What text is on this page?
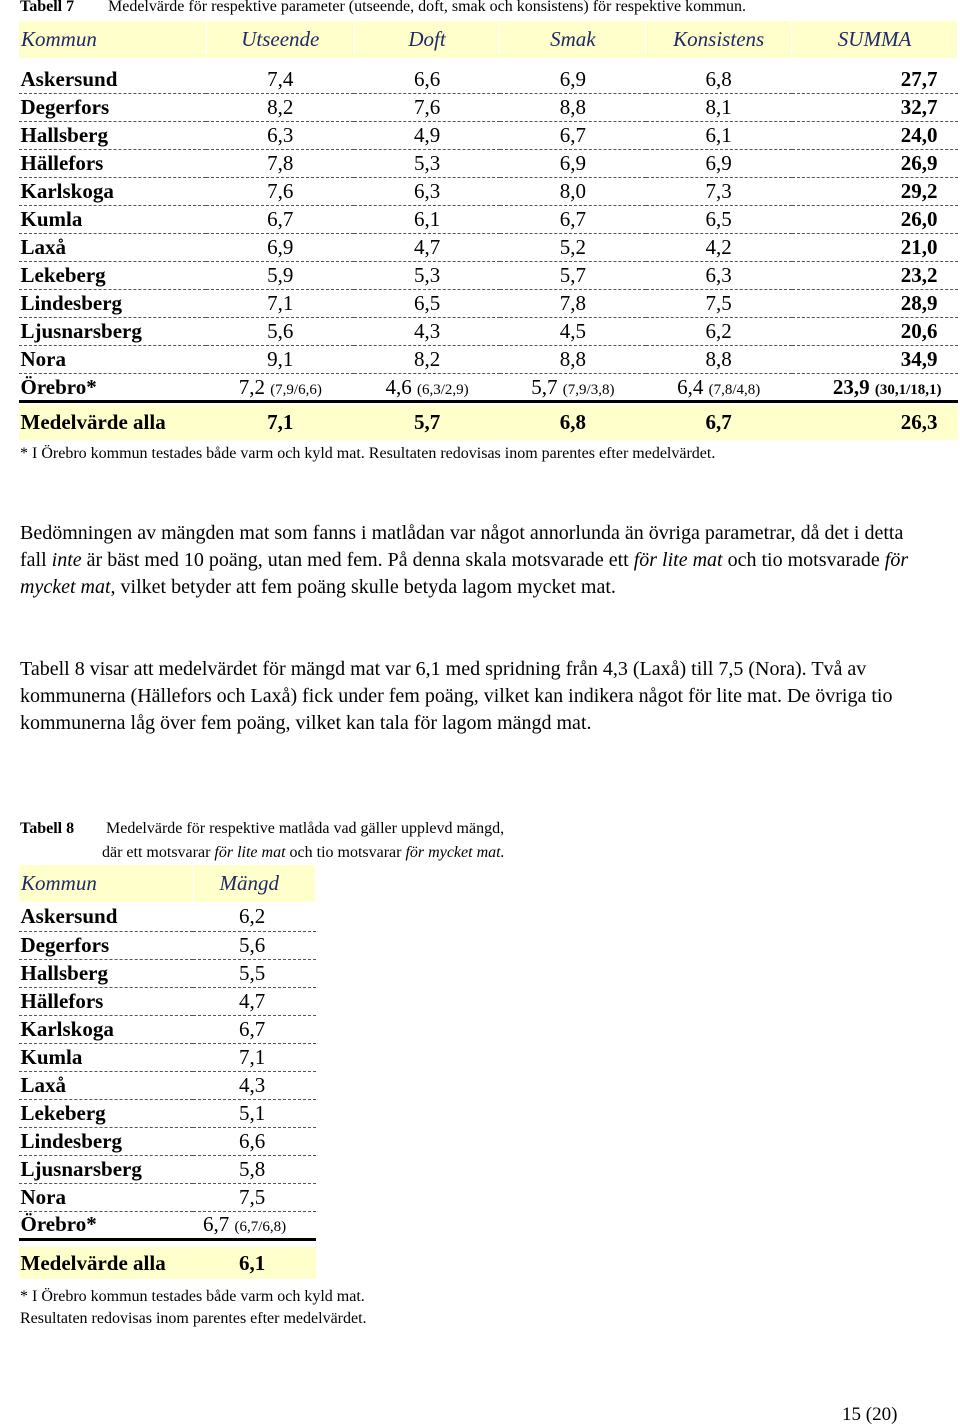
Tabell 7 Medelvärde för respektive parameter (utseende, doft, smak och konsistens) för respektive kommun.
Kommun	Utseende	Doft	Smak	Konsistens	SUMMA

Askersund	7,4	6,6	6,9	6,8	27,7
Degerfors	8,2	7,6	8,8	8,1	32,7
Hallsberg	6,3	4,9	6,7	6,1	24,0
Hällefors	7,8	5,3	6,9	6,9	26,9
Karlskoga	7,6	6,3	8,0	7,3	29,2
Kumla	6,7	6,1	6,7	6,5	26,0
Laxå	6,9	4,7	5,2	4,2	21,0
Lekeberg	5,9	5,3	5,7	6,3	23,2
Lindesberg	7,1	6,5	7,8	7,5	28,9
Ljusnarsberg	5,6	4,3	4,5	6,2	20,6
Nora	9,1	8,2	8,8	8,8	34,9
Örebro*	7,2 (7,9/6,6)	4,6 (6,3/2,9)	5,7 (7,9/3,8)	6,4 (7,8/4,8)	23,9 (30,1/18,1)

Medelvärde alla	7,1	5,7	6,8	6,7	26,3
* I Örebro kommun testades både varm och kyld mat. Resultaten redovisas inom parentes efter medelvärdet.
Bedömningen av mängden mat som fanns i matlådan var något annorlunda än övriga parametrar, då det i detta fall inte är bäst med 10 poäng, utan med fem. På denna skala motsvarade ett för lite mat och tio motsvarade för mycket mat, vilket betyder att fem poäng skulle betyda lagom mycket mat.
Tabell 8 visar att medelvärdet för mängd mat var 6,1 med spridning från 4,3 (Laxå) till 7,5 (Nora). Två av kommunerna (Hällefors och Laxå) fick under fem poäng, vilket kan indikera något för lite mat. De övriga tio kommunerna låg över fem poäng, vilket kan tala för lagom mängd mat.
Tabell 8 Medelvärde för respektive matlåda vad gäller upplevd mängd,
där ett motsvarar för lite mat och tio motsvarar för mycket mat.
Kommun	Mängd

Askersund	6,2
Degerfors	5,6
Hallsberg	5,5
Hällefors	4,7
Karlskoga	6,7
Kumla	7,1
Laxå	4,3
Lekeberg	5,1
Lindesberg	6,6
Ljusnarsberg	5,8
Nora	7,5
Örebro*	6,7 (6,7/6,8)

Medelvärde alla	6,1
* I Örebro kommun testades både varm och kyld mat.
Resultaten redovisas inom parentes efter medelvärdet.
15 (20)
